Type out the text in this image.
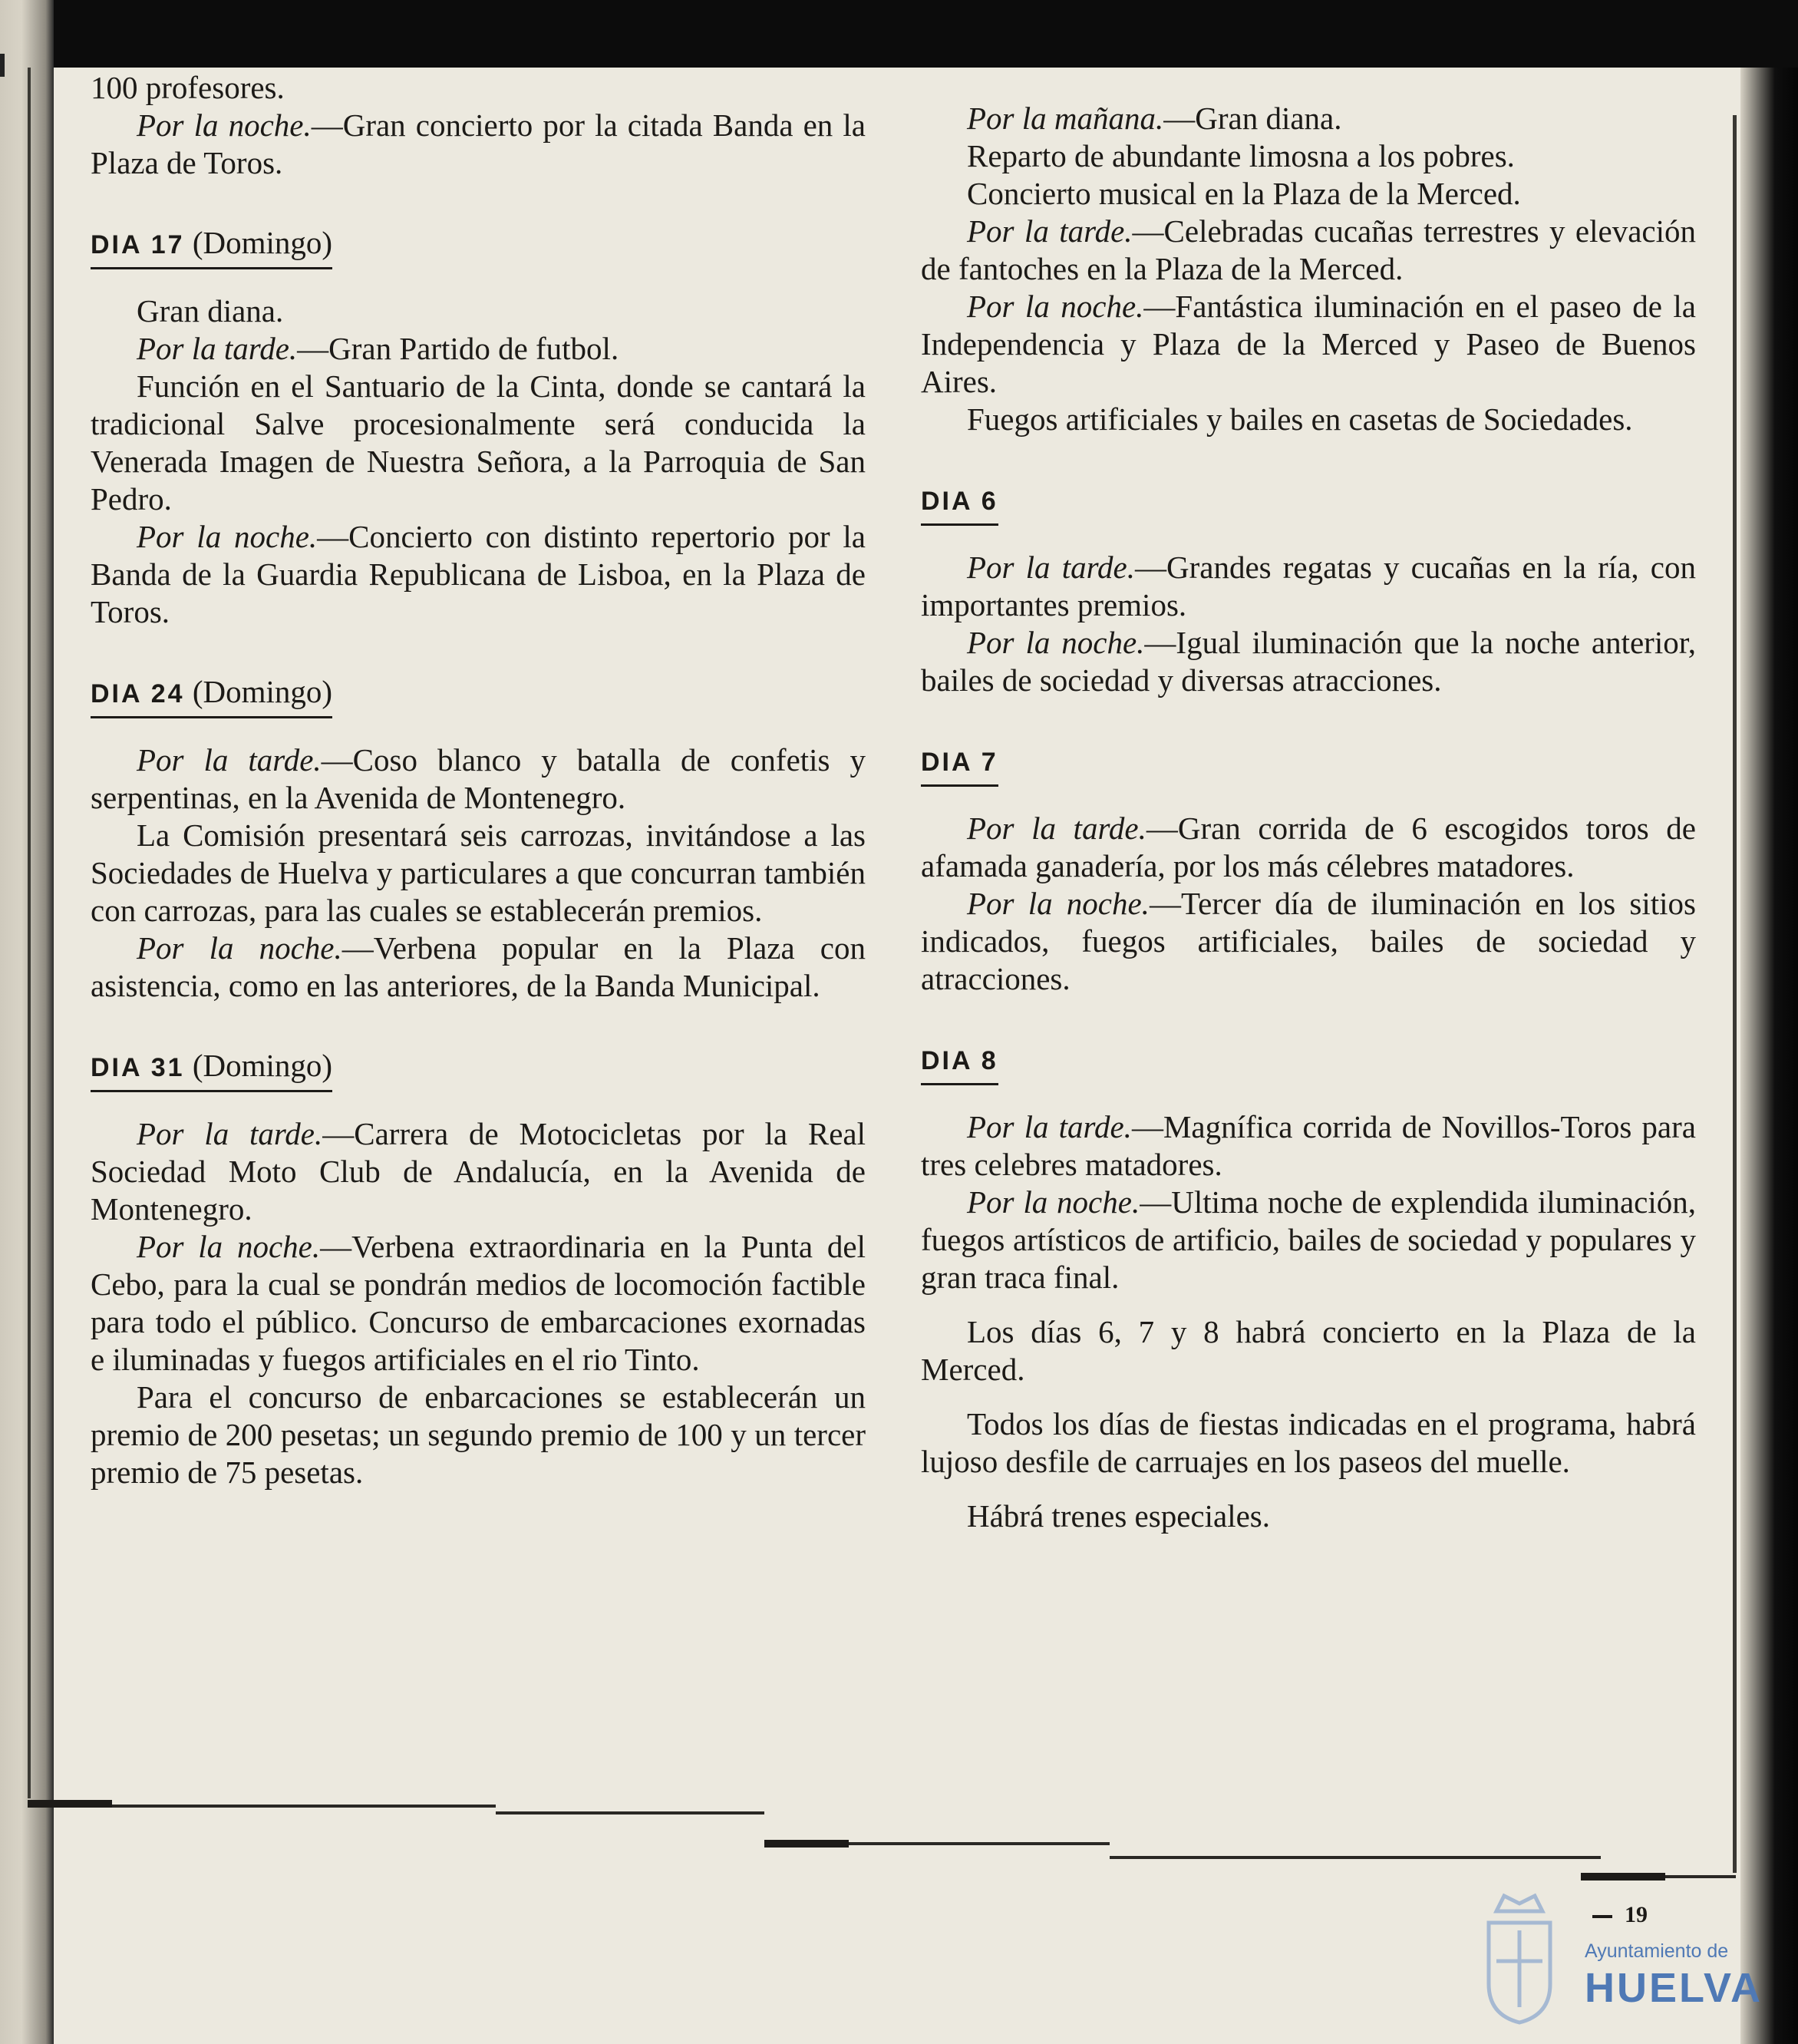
100 profesores.

Por la noche.—Gran concierto por la citada Banda en la Plaza de Toros.

DIA 17 (Domingo)

Gran diana.

Por la tarde.—Gran Partido de futbol.

Función en el Santuario de la Cinta, donde se cantará la tradicional Salve procesionalmente será conducida la Venerada Imagen de Nuestra Señora, a la Parroquia de San Pedro.

Por la noche.—Concierto con distinto repertorio por la Banda de la Guardia Republicana de Lisboa, en la Plaza de Toros.

DIA 24 (Domingo)

Por la tarde.—Coso blanco y batalla de confetis y serpentinas, en la Avenida de Montenegro.

La Comisión presentará seis carrozas, invitándose a las Sociedades de Huelva y particulares a que concurran también con carrozas, para las cuales se establecerán premios.

Por la noche.—Verbena popular en la Plaza con asistencia, como en las anteriores, de la Banda Municipal.

DIA 31 (Domingo)

Por la tarde.—Carrera de Motocicletas por la Real Sociedad Moto Club de Andalucía, en la Avenida de Montenegro.

Por la noche.—Verbena extraordinaria en la Punta del Cebo, para la cual se pondrán medios de locomoción factible para todo el público. Concurso de embarcaciones exornadas e iluminadas y fuegos artificiales en el rio Tinto.

Para el concurso de enbarcaciones se establecerán un premio de 200 pesetas; un segundo premio de 100 y un tercer premio de 75 pesetas.

Por la mañana.—Gran diana.

Reparto de abundante limosna a los pobres.

Concierto musical en la Plaza de la Merced.

Por la tarde.—Celebradas cucañas terrestres y elevación de fantoches en la Plaza de la Merced.

Por la noche.—Fantástica iluminación en el paseo de la Independencia y Plaza de la Merced y Paseo de Buenos Aires.

Fuegos artificiales y bailes en casetas de Sociedades.

DIA 6

Por la tarde.—Grandes regatas y cucañas en la ría, con importantes premios.

Por la noche.—Igual iluminación que la noche anterior, bailes de sociedad y diversas atracciones.

DIA 7

Por la tarde.—Gran corrida de 6 escogidos toros de afamada ganadería, por los más célebres matadores.

Por la noche.—Tercer día de iluminación en los sitios indicados, fuegos artificiales, bailes de sociedad y atracciones.

DIA 8

Por la tarde.—Magnífica corrida de Novillos-Toros para tres celebres matadores.

Por la noche.—Ultima noche de explendida iluminación, fuegos artísticos de artificio, bailes de sociedad y populares y gran traca final.

Los días 6, 7 y 8 habrá concierto en la Plaza de la Merced.

Todos los días de fiestas indicadas en el programa, habrá lujoso desfile de carruajes en los paseos del muelle.

Hábrá trenes especiales.

Ayuntamiento de
HUELVA
19
